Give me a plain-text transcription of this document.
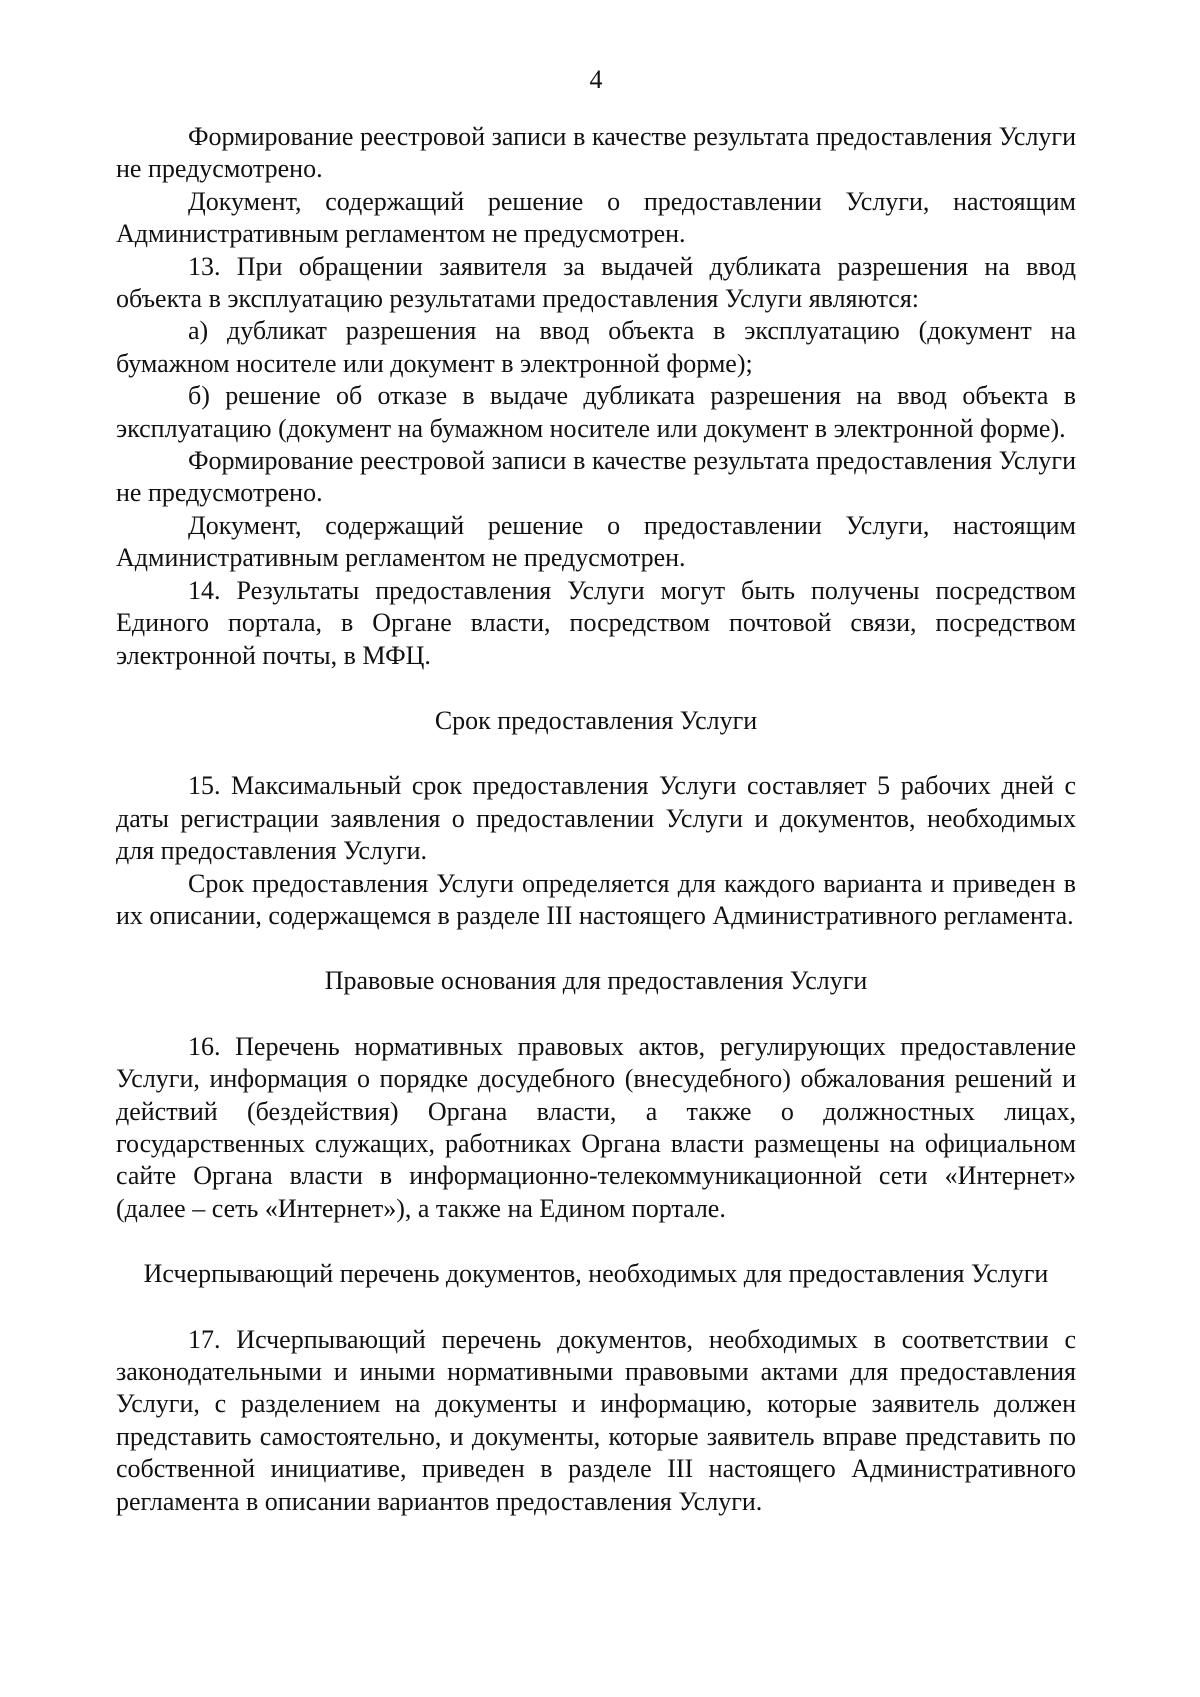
4

Формирование реестровой записи в качестве результата предоставления Услуги не предусмотрено.

Документ, содержащий решение о предоставлении Услуги, настоящим Административным регламентом не предусмотрен.

13. При обращении заявителя за выдачей дубликата разрешения на ввод объекта в эксплуатацию результатами предоставления Услуги являются:

а) дубликат разрешения на ввод объекта в эксплуатацию (документ на бумажном носителе или документ в электронной форме);

б) решение об отказе в выдаче дубликата разрешения на ввод объекта в эксплуатацию (документ на бумажном носителе или документ в электронной форме).

Формирование реестровой записи в качестве результата предоставления Услуги не предусмотрено.

Документ, содержащий решение о предоставлении Услуги, настоящим Административным регламентом не предусмотрен.

14. Результаты предоставления Услуги могут быть получены посредством Единого портала, в Органе власти, посредством почтовой связи, посредством электронной почты, в МФЦ.

Срок предоставления Услуги

15. Максимальный срок предоставления Услуги составляет 5 рабочих дней с даты регистрации заявления о предоставлении Услуги и документов, необходимых для предоставления Услуги.

Срок предоставления Услуги определяется для каждого варианта и приведен в их описании, содержащемся в разделе III настоящего Административного регламента.

Правовые основания для предоставления Услуги

16. Перечень нормативных правовых актов, регулирующих предоставление Услуги, информация о порядке досудебного (внесудебного) обжалования решений и действий (бездействия) Органа власти, а также о должностных лицах, государственных служащих, работниках Органа власти размещены на официальном сайте Органа власти в информационно-телекоммуникационной сети «Интернет» (далее – сеть «Интернет»), а также на Едином портале.

Исчерпывающий перечень документов, необходимых для предоставления Услуги

17. Исчерпывающий перечень документов, необходимых в соответствии с законодательными и иными нормативными правовыми актами для предоставления Услуги, с разделением на документы и информацию, которые заявитель должен представить самостоятельно, и документы, которые заявитель вправе представить по собственной инициативе, приведен в разделе III настоящего Административного регламента в описании вариантов предоставления Услуги.
